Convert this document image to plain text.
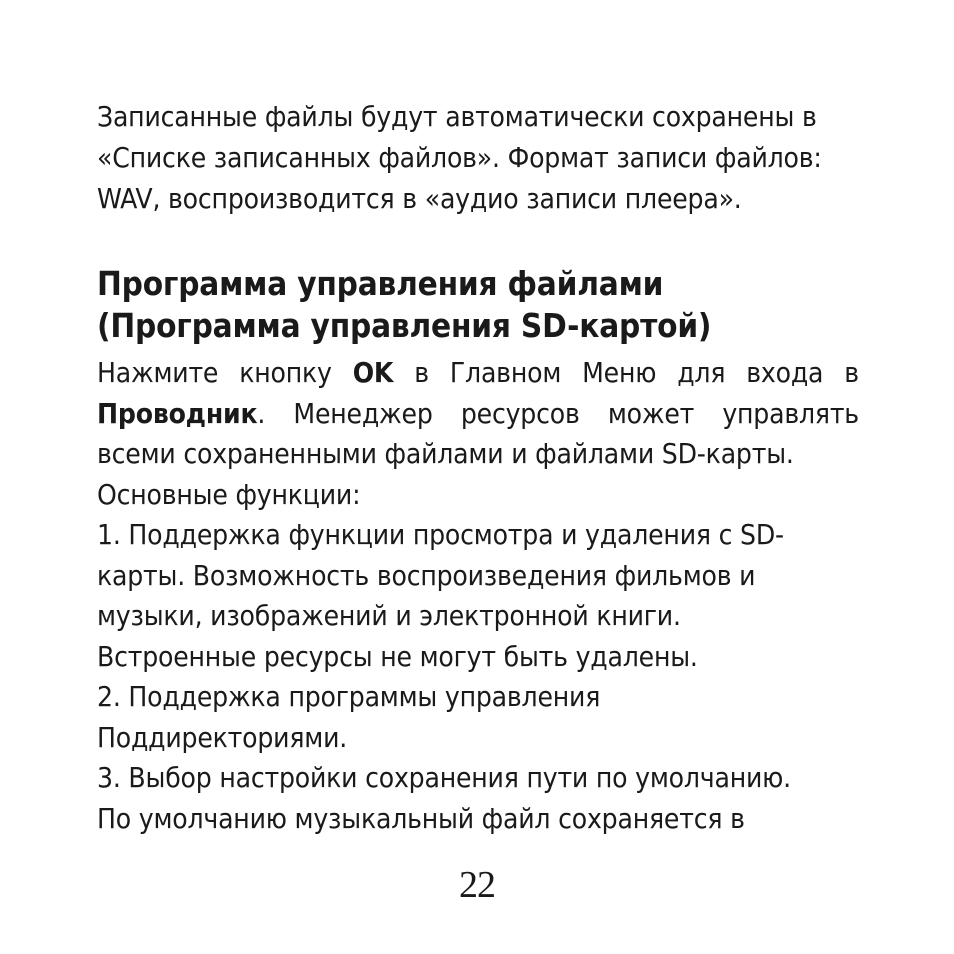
Записанные файлы будут автоматически сохранены в

«Списке записанных файлов». Формат записи файлов:

WAV, воспроизводится в «аудио записи плеера».

Программа управления файлами
(Программа управления SD-картой)
Нажмите кнопку OK в Главном Меню для входа в
Проводник. Менеджер ресурсов может управлять
всеми сохраненными файлами и файлами SD-карты.
Основные функции:
1. Поддержка функции просмотра и удаления с SD-
карты. Возможность воспроизведения фильмов и
музыки, изображений и электронной книги.
Встроенные ресурсы не могут быть удалены.
2. Поддержка программы управления
Поддиректориями.
3. Выбор настройки сохранения пути по умолчанию.
По умолчанию музыкальный файл сохраняется в
22
